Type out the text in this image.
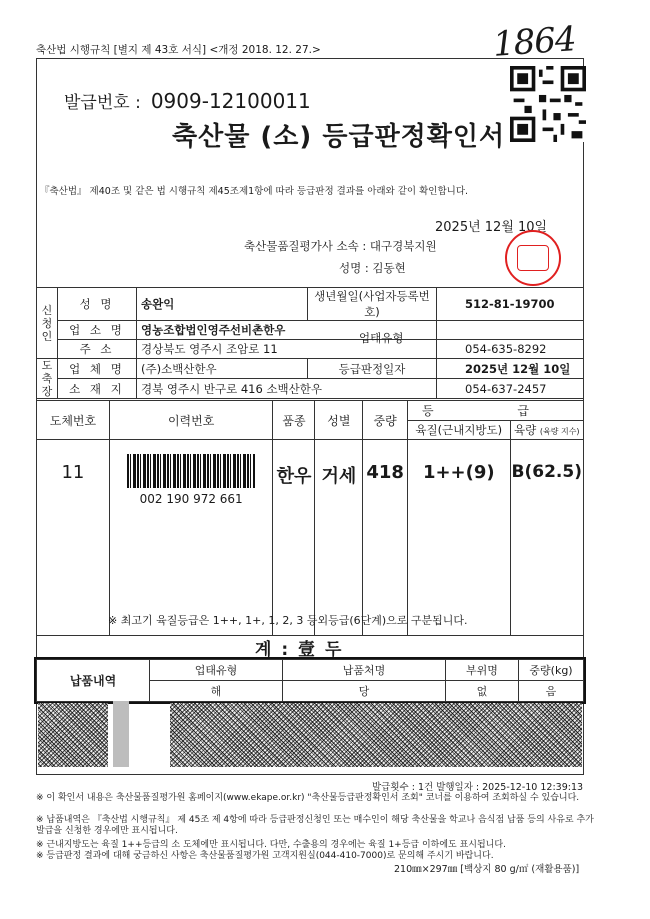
축산법 시행규칙 [별지 제 43호 서식] <개정 2018. 12. 27.>	1864
발급번호 : 0909-12100011
축산물 (소) 등급판정확인서
『축산법』 제40조 및 같은 법 시행규칙 제45조제1항에 따라 등급판정 결과를 아래와 같이 확인합니다.
2025년 12월 10일
축산물품질평가사 소속 : 대구경북지원
성명 : 김동현
신청인	성 명	송완익	생년월일(사업자등록번호)	512-81-19700
	업 소 명	영농조합법인영주선비촌한우		업태유형

	주 소	경상북도 영주시 조암로 11		054-635-8292
도축장	업 체 명	(주)소백산한우	등급판정일자	2025년 12월 10일
	소 재 지	경북 영주시 반구로 416 소백산한우		054-637-2457
도체번호	이력번호	품종	성별	중량	등 급	
					육질(근내지방도)	육량 (육량 지수)
11	002 190 972 661	한우	거세	418	1++(9)	B(62.5)
※ 최고기 육질등급은 1++, 1+, 1, 2, 3 등외등급(6단계)으로 구분됩니다.
계 : 壹 두
납품내역	업태유형	납품처명	부위명	중량(kg)
	해	당	없	음
발급횟수 : 1건 발행일자 : 2025-12-10 12:39:13
※ 이 확인서 내용은 축산물품질평가원 홈페이지(www.ekape.or.kr) "축산물등급판정확인서 조회" 코너를 이용하여 조회하실 수 있습니다.
※ 납품내역은 『축산법 시행규칙』 제 45조 제 4항에 따라 등급판정신청인 또는 매수인이 해당 축산물을 학교나 음식점 납품 등의 사유로 추가 발급을 신청한 경우에만 표시됩니다.
※ 근내지방도는 육질 1++등급의 소 도체에만 표시됩니다. 다만, 수출용의 경우에는 육질 1+등급 이하에도 표시됩니다.
※ 등급판정 결과에 대해 궁금하신 사항은 축산물품질평가원 고객지원실(044-410-7000)로 문의해 주시기 바랍니다.
210㎜×297㎜ [백상지 80 g/㎡ (재활용품)]
